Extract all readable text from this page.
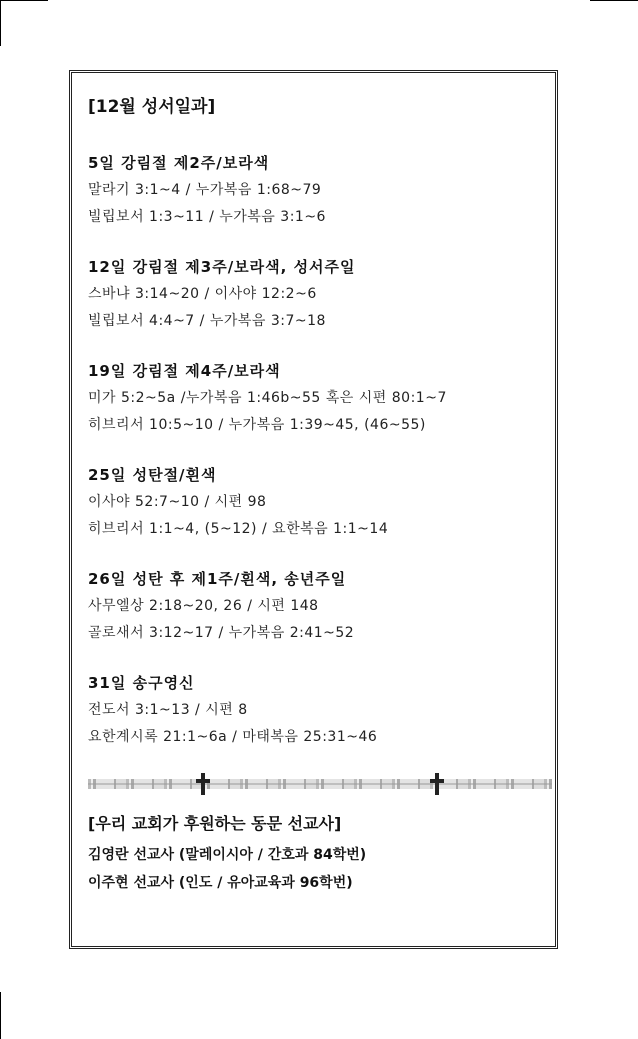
[12월 성서일과]
5일 강림절 제2주/보라색
말라기 3:1~4 / 누가복음 1:68~79
빌립보서 1:3~11 / 누가복음 3:1~6
12일 강림절 제3주/보라색, 성서주일
스바냐 3:14~20 / 이사야 12:2~6
빌립보서 4:4~7 / 누가복음 3:7~18
19일 강림절 제4주/보라색
미가 5:2~5a /누가복음 1:46b~55 혹은 시편 80:1~7
히브리서 10:5~10 / 누가복음 1:39~45, (46~55)
25일 성탄절/흰색
이사야 52:7~10 / 시편 98
히브리서 1:1~4, (5~12) / 요한복음 1:1~14
26일 성탄 후 제1주/흰색, 송년주일
사무엘상 2:18~20, 26 / 시편 148
골로새서 3:12~17 / 누가복음 2:41~52
31일 송구영신
전도서 3:1~13 / 시편 8
요한계시록 21:1~6a / 마태복음 25:31~46
[우리 교회가 후원하는 동문 선교사]
김영란 선교사 (말레이시아 / 간호과 84학번)
이주현 선교사 (인도 / 유아교육과 96학번)
